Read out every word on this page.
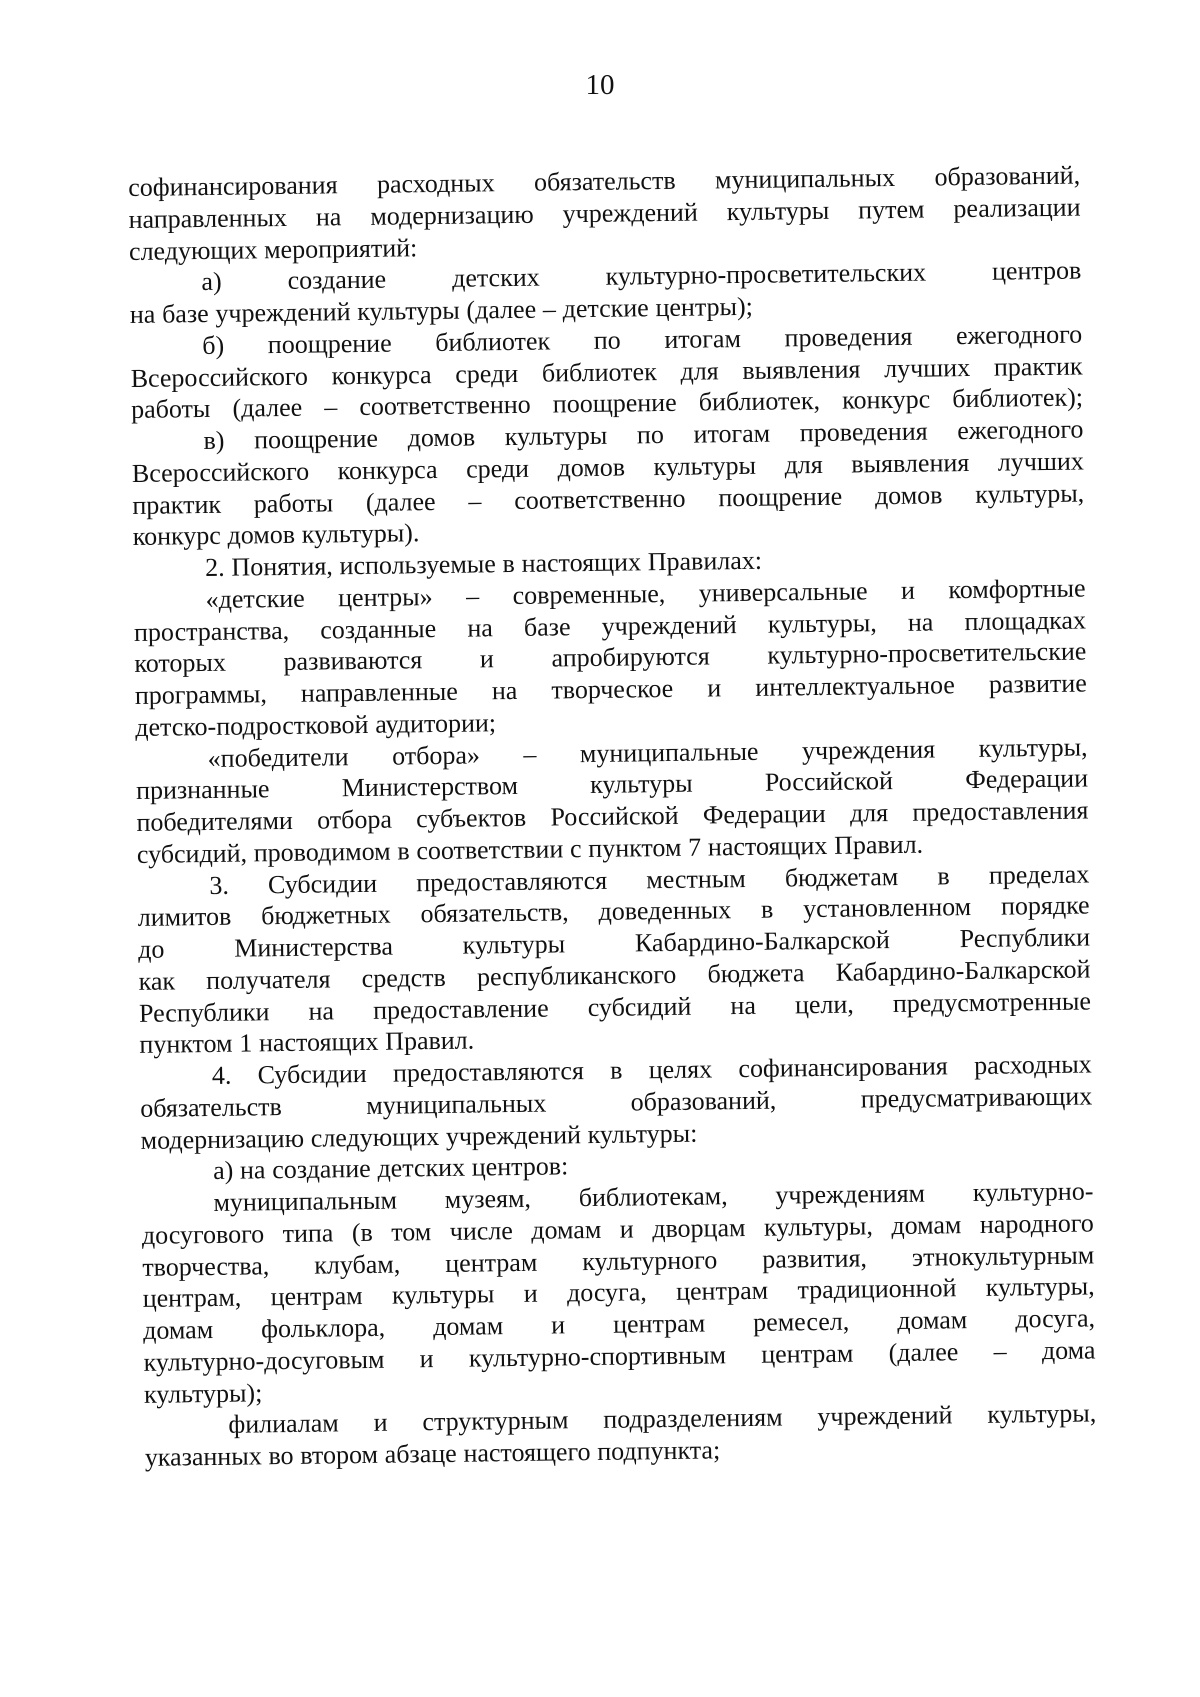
10
софинансирования расходных обязательств муниципальных образований,
направленных на модернизацию учреждений культуры путем реализации
следующих мероприятий:
а)	создание	детских	культурно-просветительских	центров
на базе учреждений культуры (далее – детские центры);
б) поощрение библиотек по итогам проведения ежегодного
Всероссийского конкурса среди библиотек для выявления лучших практик
работы (далее – соответственно поощрение библиотек, конкурс библиотек);
в) поощрение домов культуры по итогам проведения ежегодного
Всероссийского конкурса среди домов культуры для выявления лучших
практик работы (далее – соответственно поощрение домов культуры,
конкурс домов культуры).
2. Понятия, используемые в настоящих Правилах:
«детские центры» – современные, универсальные и комфортные
пространства, созданные на базе учреждений культуры, на площадках
которых развиваются и апробируются культурно-просветительские
программы, направленные на творческое и интеллектуальное развитие
детско-подростковой аудитории;
«победители отбора» – муниципальные учреждения культуры,
признанные	Министерством	культуры	Российской	Федерации
победителями отбора субъектов Российской Федерации для предоставления
субсидий, проводимом в соответствии с пунктом 7 настоящих Правил.
3. Субсидии предоставляются местным бюджетам в пределах
лимитов бюджетных обязательств, доведенных в установленном порядке
до	Министерства	культуры	Кабардино-Балкарской	Республики
как получателя средств республиканского бюджета Кабардино-Балкарской
Республики на предоставление субсидий на цели, предусмотренные
пунктом 1 настоящих Правил.
4. Субсидии предоставляются в целях софинансирования расходных
обязательств	муниципальных	образований,	предусматривающих
модернизацию следующих учреждений культуры:
а) на создание детских центров:
муниципальным музеям, библиотекам, учреждениям культурно-
досугового типа (в том числе домам и дворцам культуры, домам народного
творчества, клубам, центрам культурного развития, этнокультурным
центрам, центрам культуры и досуга, центрам традиционной культуры,
домам фольклора, домам и центрам ремесел, домам досуга,
культурно-досуговым и культурно-спортивным центрам (далее – дома
культуры);
филиалам и структурным подразделениям учреждений культуры,
указанных во втором абзаце настоящего подпункта;
